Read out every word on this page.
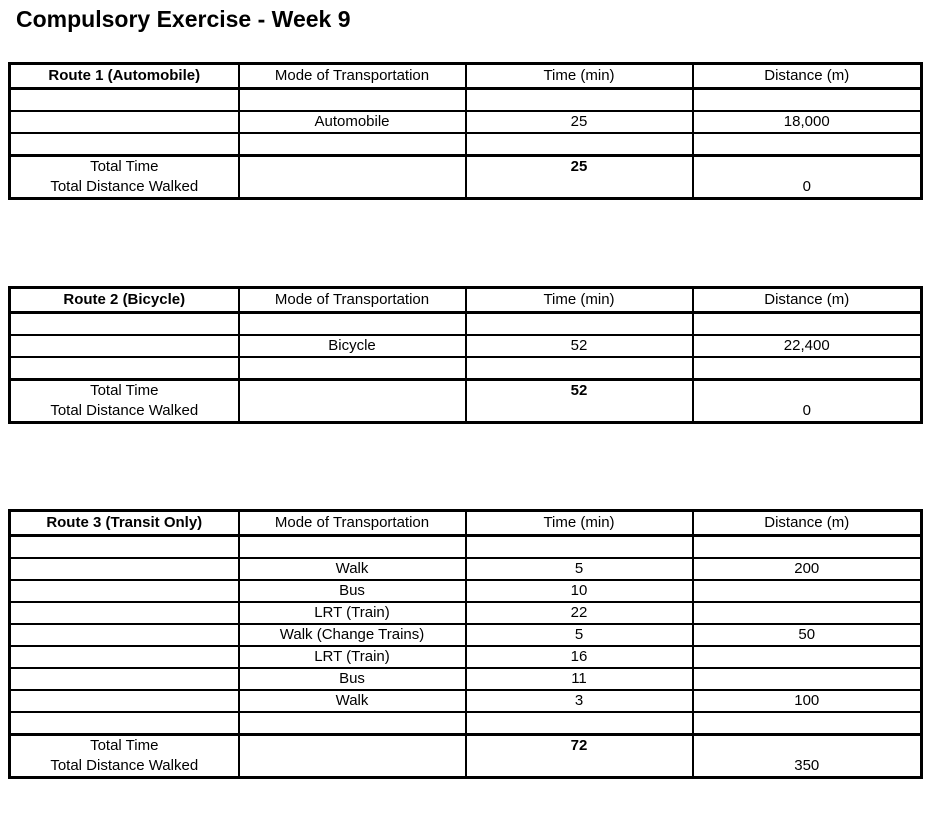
Compulsory Exercise - Week 9
Route 1 (Automobile)	Mode of Transportation	Time (min)	Distance (m)

	Automobile	25	18,000

Total Time		25	
Total Distance Walked			0
Route 2 (Bicycle)	Mode of Transportation	Time (min)	Distance (m)

	Bicycle	52	22,400

Total Time		52	
Total Distance Walked			0
Route 3 (Transit Only)	Mode of Transportation	Time (min)	Distance (m)

	Walk	5	200
	Bus	10	
	LRT (Train)	22	
	Walk (Change Trains)	5	50
	LRT (Train)	16	
	Bus	11	
	Walk	3	100

Total Time		72	
Total Distance Walked			350
